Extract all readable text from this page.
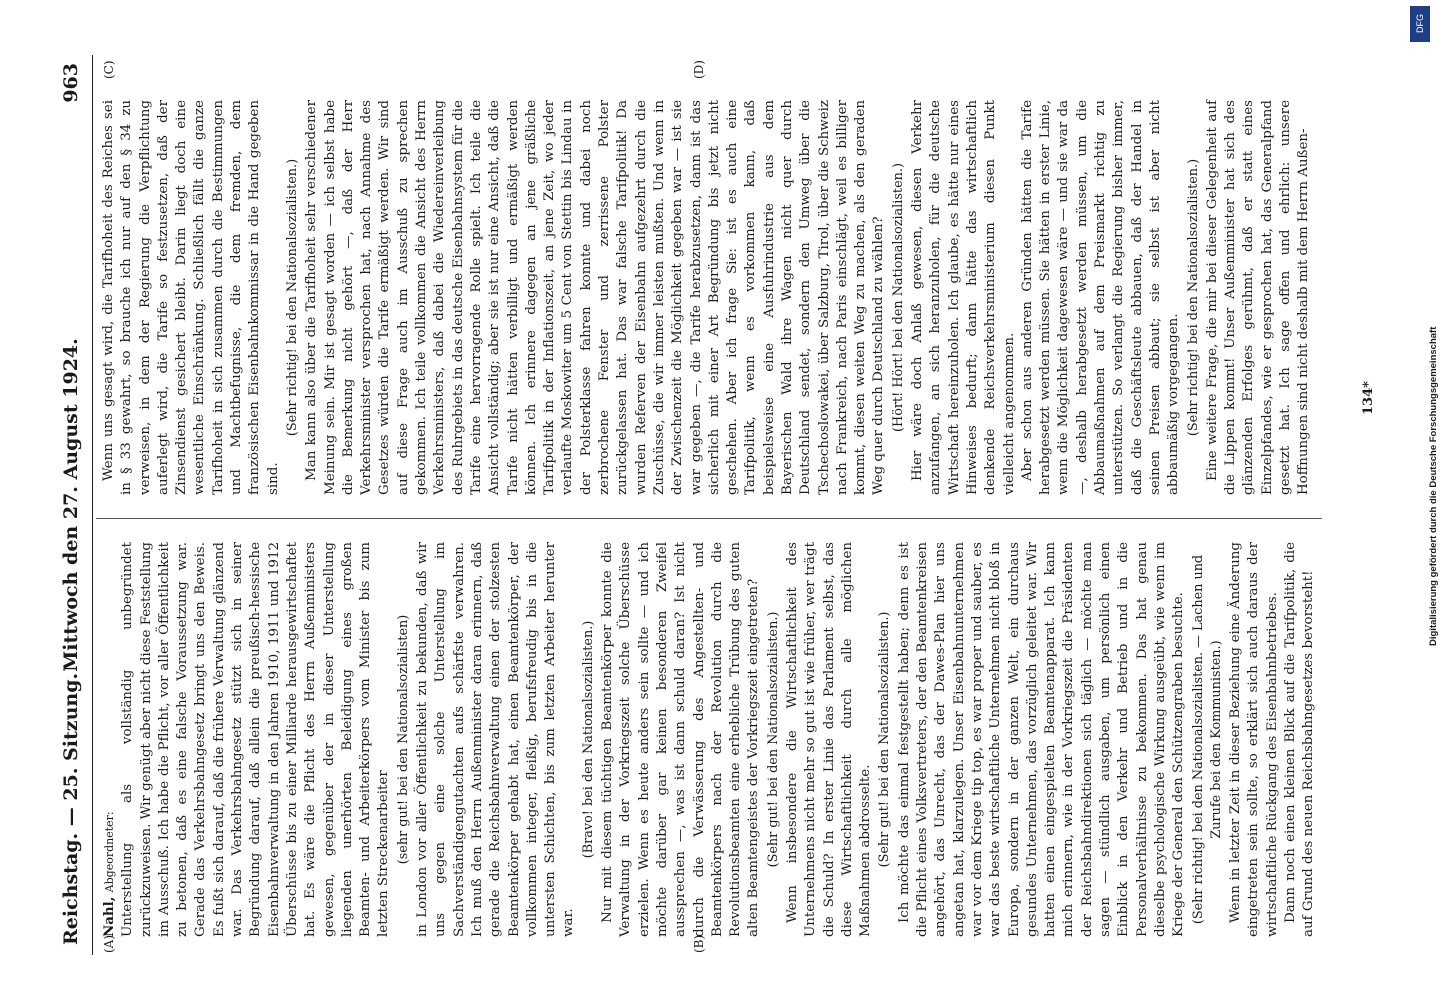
Reichstag. — 25. Sitzung.
Mittwoch den 27. August 1924.
963
(A)	(B)
(C)	(D)

Nahl, Abgeordneter: Unterstellung als vollständig unbegründet zurückzuweisen. Wir genügt aber nicht diese Feststellung im Ausschuß. Ich habe die Pflicht, vor aller Öffentlichkeit zu betonen, daß es eine falsche Voraussetzung war. Gerade das Verkehrsbahngesetz bringt uns den Beweis. Es fußt sich darauf, daß die frühere Verwaltung glänzend war. Das Verkehrsbahngesetz stützt sich in seiner Begründung darauf, daß allein die preußisch-hessische Eisenbahnverwaltung in den Jahren 1910, 1911 und 1912 Überschüsse bis zu einer Milliarde herausgewirtschaftet hat. Es wäre die Pflicht des Herrn Außenministers gewesen, gegenüber der in dieser Unterstellung liegenden unerhörten Beleidigung eines großen Beamten- und Arbeiterkörpers vom Minister bis zum letzten Streckenarbeiter (sehr gut! bei den Nationalsozialisten) in London vor aller Öffentlichkeit zu bekunden, daß wir uns gegen eine solche Unterstellung im Sachverständigengutachten aufs schärfste verwahren. Ich muß den Herrn Außenminister daran erinnern, daß gerade die Reichsbahnverwaltung einen der stolzesten Beamtenkörper gehabt hat, einen Beamtenkörper, der vollkommen integer, fleißig, berufsfreudig bis in die untersten Schichten, bis zum letzten Arbeiter herunter war.

(Bravo! bei den Nationalsozialisten.) Nur mit diesem tüchtigen Beamtenkörper konnte die Verwaltung in der Vorkriegszeit solche Überschüsse erzielen. Wenn es heute anders sein sollte — und ich möchte darüber gar keinen besonderen Zweifel aussprechen —, was ist dann schuld daran? Ist nicht durch die Verwässerung des Angestellten- und Beamtenkörpers nach der Revolution durch die Revolutionsbeamten eine erhebliche Trübung des guten alten Beamtengeistes der Vorkriegszeit eingetreten? (Sehr gut! bei den Nationalsozialisten.) Wenn insbesondere die Wirtschaftlichkeit des Unternehmens nicht mehr so gut ist wie früher, wer trägt die Schuld? In erster Linie das Parlament selbst, das diese Wirtschaftlichkeit durch alle möglichen Maßnahmen abdrosselte. (Sehr gut! bei den Nationalsozialisten.) Ich möchte das einmal festgestellt haben; denn es ist die Pflicht eines Volksvertreters, der den Beamtenkreisen angehört, das Unrecht, das der Dawes-Plan hier uns angetan hat, klarzulegen. Unser Eisenbahnunternehmen war vor dem Kriege tip top, es war proper und sauber, es war das beste wirtschaftliche Unternehmen nicht bloß in Europa, sondern in der ganzen Welt, ein durchaus gesundes Unternehmen, das vorzüglich geleitet war. Wir hatten einen eingespielten Beamtenapparat. Ich kann mich erinnern, wie in der Vorkriegszeit die Präsidenten der Reichsbahndirektionen sich täglich — möchte man sagen — stündlich ausgaben, um persönlich einen Einblick in den Verkehr und Betrieb und in die Personalverhältnisse zu bekommen. Das hat genau dieselbe psychologische Wirkung ausgeübt, wie wenn im Kriege der General den Schützengraben besuchte. (Sehr richtig! bei den Nationalsozialisten. — Lachen und Zurufe bei den Kommunisten.) Wenn in letzter Zeit in dieser Beziehung eine Änderung eingetreten sein sollte, so erklärt sich auch daraus der wirtschaftliche Rückgang des Eisenbahnbetriebes. Dann noch einen kleinen Blick auf die Tarifpolitik, die auf Grund des neuen Reichsbahngesetzes bevorsteht!

Wenn uns gesagt wird, die Tarifhoheit des Reiches sei in § 33 gewahrt, so brauche ich nur auf den § 34 zu verweisen, in dem der Regierung die Verpflichtung auferlegt wird, die Tarife so festzusetzen, daß der Zinsendienst gesichert bleibt. Darin liegt doch eine wesentliche Einschränkung. Schließlich fällt die ganze Tarifhoheit in sich zusammen durch die Bestimmungen und Machtbefugnisse, die dem fremden, dem französischen Eisenbahnkommissar in die Hand gegeben sind.

(Sehr richtig! bei den Nationalsozialisten.) Man kann also über die Tarifhoheit sehr verschiedener Meinung sein. Mir ist gesagt worden — ich selbst habe die Bemerkung nicht gehört —, daß der Herr Verkehrsminister versprochen hat, nach Annahme des Gesetzes würden die Tarife ermäßigt werden. Wir sind auf diese Frage auch im Ausschuß zu sprechen gekommen. Ich teile vollkommen die Ansicht des Herrn Verkehrsministers, daß dabei die Wiedereinverleibung des Ruhrgebiets in das deutsche Eisenbahnsystem für die Tarife eine hervorragende Rolle spielt. Ich teile die Ansicht vollständig; aber sie ist nur eine Ansicht, daß die Tarife nicht hätten verbilligt und ermäßigt werden können. Ich erinnere dagegen an jene gräßliche Tarifpolitik in der Inflationszeit, an jene Zeit, wo jeder verlaufte Moskowiter um 5 Cent von Stettin bis Lindau in der Polsterklasse fahren konnte und dabei noch zerbrochene Fenster und zerrissene Polster zurückgelassen hat. Das war falsche Tarifpolitik! Da wurden Referven der Eisenbahn aufgezehrt durch die Zuschüsse, die wir immer leisten mußten. Und wenn in der Zwischenzeit die Möglichkeit gegeben war — ist sie war gegeben —, die Tarife herabzusetzen, dann ist das sicherlich mit einer Art Begründung bis jetzt nicht geschehen. Aber ich frage Sie: ist es auch eine Tarifpolitik, wenn es vorkommen kann, daß beispielsweise eine Ausfuhrindustrie aus dem Bayerischen Wald ihre Wagen nicht quer durch Deutschland sendet, sondern den Umweg über die Tschechoslowakei, über Salzburg, Tirol, über die Schweiz nach Frankreich, nach Paris einschlägt, weil es billiger kommt, diesen weiten Weg zu machen, als den geraden Weg quer durch Deutschland zu wählen? (Hört! Hört! bei den Nationalsozialisten.) Hier wäre doch Anlaß gewesen, diesen Verkehr anzufangen, an sich heranzuholen, für die deutsche Wirtschaft hereinzuholen. Ich glaube, es hätte nur eines Hinweises bedurft; dann hätte das wirtschaftlich denkende Reichsverkehrsministerium diesen Punkt vielleicht angenommen. Aber schon aus anderen Gründen hätten die Tarife herabgesetzt werden müssen. Sie hätten in erster Linie, wenn die Möglichkeit dagewesen wäre — und sie war da —, deshalb herabgesetzt werden müssen, um die Abbaumaßnahmen auf dem Preismarkt richtig zu unterstützen. So verlangt die Regierung bisher immer, daß die Geschäftsleute abbauen, daß der Handel in seinen Preisen abbaut; sie selbst ist aber nicht abbaumäßig vorgegangen. (Sehr richtig! bei den Nationalsozialisten.) Eine weitere Frage, die mir bei dieser Gelegenheit auf die Lippen kommt! Unser Außenminister hat sich des glänzenden Erfolges gerühmt, daß er statt eines Einzelpfandes, wie er gesprochen hat, das Generalpfand gesetzt hat. Ich sage offen und ehrlich: unsere Hoffnungen sind nicht deshalb mit dem Herrn Außen-	134*
DFG
Digitalisierung gefördert durch die Deutsche Forschungsgemeinschaft
